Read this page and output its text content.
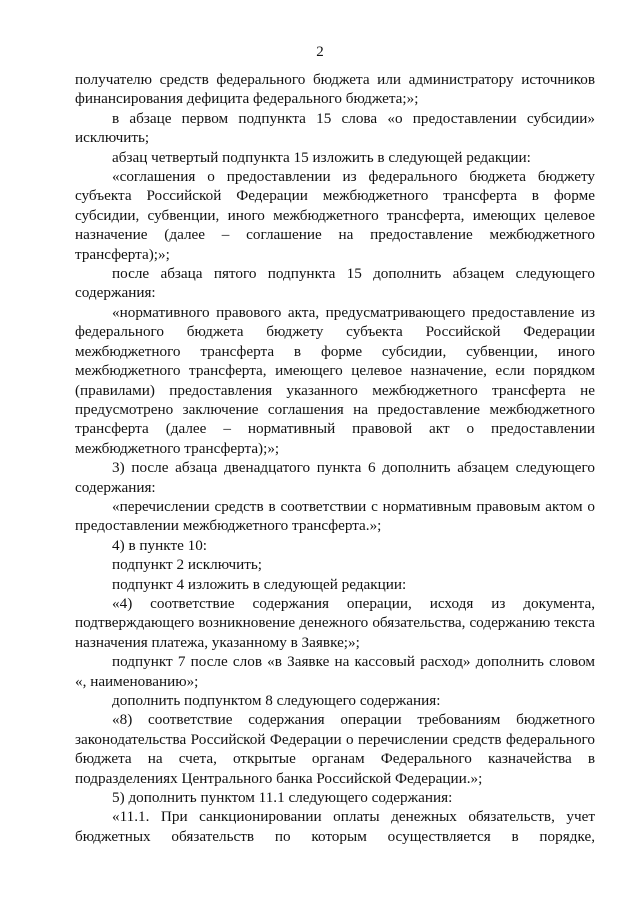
2

получателю средств федерального бюджета или администратору источников финансирования дефицита федерального бюджета;»;

в абзаце первом подпункта 15 слова «о предоставлении субсидии» исключить;

абзац четвертый подпункта 15 изложить в следующей редакции:

«соглашения о предоставлении из федерального бюджета бюджету субъекта Российской Федерации межбюджетного трансферта в форме субсидии, субвенции, иного межбюджетного трансферта, имеющих целевое назначение (далее – соглашение на предоставление межбюджетного трансферта);»;

после абзаца пятого подпункта 15 дополнить абзацем следующего содержания:

«нормативного правового акта, предусматривающего предоставление из федерального бюджета бюджету субъекта Российской Федерации межбюджетного трансферта в форме субсидии, субвенции, иного межбюджетного трансферта, имеющего целевое назначение, если порядком (правилами) предоставления указанного межбюджетного трансферта не предусмотрено заключение соглашения на предоставление межбюджетного трансферта (далее – нормативный правовой акт о предоставлении межбюджетного трансферта);»;

3) после абзаца двенадцатого пункта 6 дополнить абзацем следующего содержания:

«перечислении средств в соответствии с нормативным правовым актом о предоставлении межбюджетного трансферта.»;

4) в пункте 10:

подпункт 2 исключить;

подпункт 4 изложить в следующей редакции:

«4) соответствие содержания операции, исходя из документа, подтверждающего возникновение денежного обязательства, содержанию текста назначения платежа, указанному в Заявке;»;

подпункт 7 после слов «в Заявке на кассовый расход» дополнить словом «, наименованию»;

дополнить подпунктом 8 следующего содержания:

«8) соответствие содержания операции требованиям бюджетного законодательства Российской Федерации о перечислении средств федерального бюджета на счета, открытые органам Федерального казначейства в подразделениях Центрального банка Российской Федерации.»;

5) дополнить пунктом 11.1 следующего содержания:

«11.1. При санкционировании оплаты денежных обязательств, учет бюджетных обязательств по которым осуществляется в порядке,
